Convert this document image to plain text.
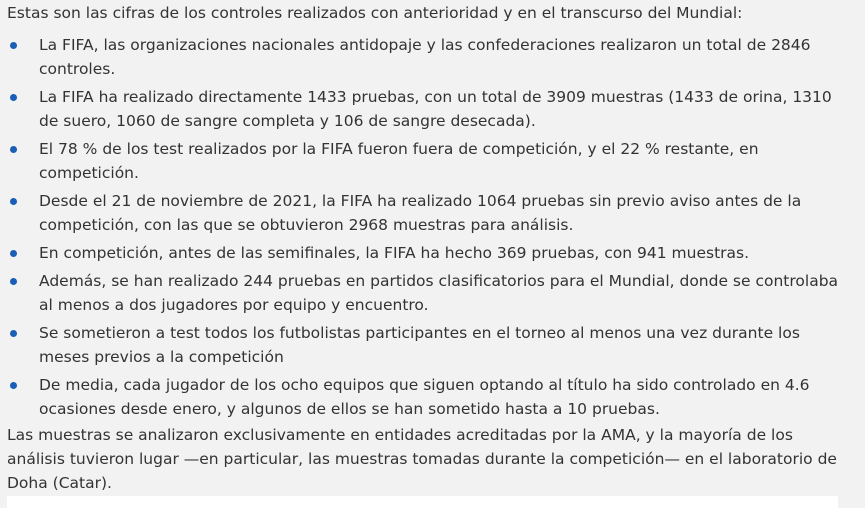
Estas son las cifras de los controles realizados con anterioridad y en el transcurso del Mundial:

La FIFA, las organizaciones nacionales antidopaje y las confederaciones realizaron un total de 2846 controles.
La FIFA ha realizado directamente 1433 pruebas, con un total de 3909 muestras (1433 de orina, 1310 de suero, 1060 de sangre completa y 106 de sangre desecada).
El 78 % de los test realizados por la FIFA fueron fuera de competición, y el 22 % restante, en competición.
Desde el 21 de noviembre de 2021, la FIFA ha realizado 1064 pruebas sin previo aviso antes de la competición, con las que se obtuvieron 2968 muestras para análisis.
En competición, antes de las semifinales, la FIFA ha hecho 369 pruebas, con 941 muestras.
Además, se han realizado 244 pruebas en partidos clasificatorios para el Mundial, donde se controlaba al menos a dos jugadores por equipo y encuentro.
Se sometieron a test todos los futbolistas participantes en el torneo al menos una vez durante los meses previos a la competición
De media, cada jugador de los ocho equipos que siguen optando al título ha sido controlado en 4.6 ocasiones desde enero, y algunos de ellos se han sometido hasta a 10 pruebas.

Las muestras se analizaron exclusivamente en entidades acreditadas por la AMA, y la mayoría de los análisis tuvieron lugar —en particular, las muestras tomadas durante la competición— en el laboratorio de Doha (Catar).
